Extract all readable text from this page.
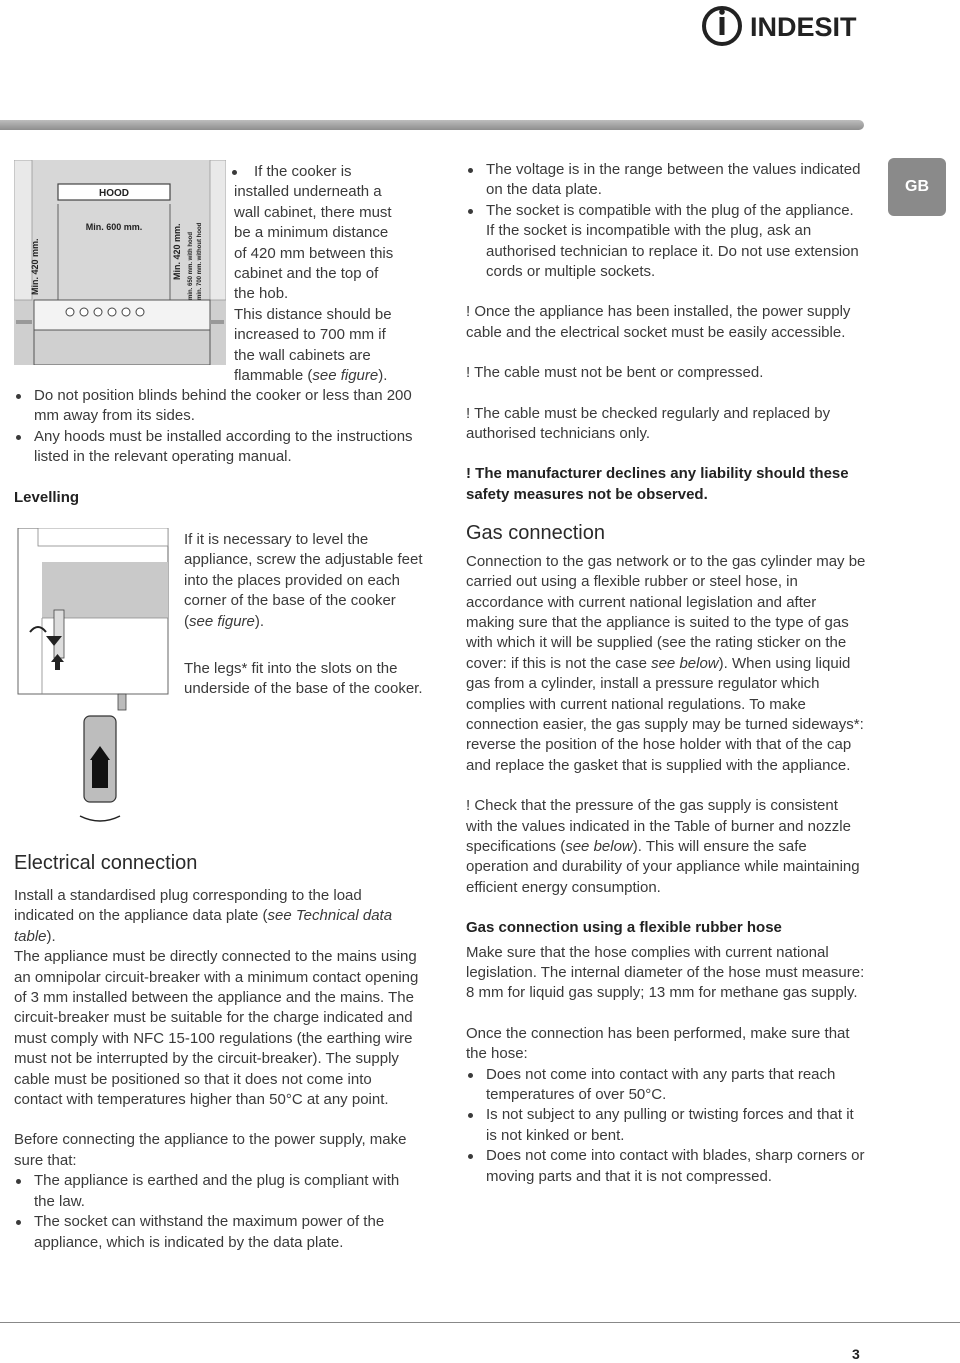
INDESIT
GB
HOOD
Min. 600 mm.
Min. 420 mm.	Min. 420 mm. min. 650 mm. with hood min. 700 mm. without hood
If the cooker is
installed underneath a
wall cabinet, there must
be a minimum distance
of 420 mm between this
cabinet and the top of
the hob.
This distance should be
increased to 700 mm if
the wall cabinets are
flammable (see figure).
Do not position blinds behind the cooker or less than 200 mm away from its sides.
Any hoods must be installed according to the instructions listed in the relevant operating manual.
Levelling

If it is necessary to level the appliance, screw the adjustable feet into the places provided on each corner of the base of the cooker (see figure).

The legs* fit into the slots on the underside of the base of the cooker.

Electrical connection

Install a standardised plug corresponding to the load indicated on the appliance data plate (see Technical data table).

The appliance must be directly connected to the mains using an omnipolar circuit-breaker with a minimum contact opening of 3 mm installed between the appliance and the mains. The circuit-breaker must be suitable for the charge indicated and must comply with NFC 15-100 regulations (the earthing wire must not be interrupted by the circuit-breaker). The supply cable must be positioned so that it does not come into contact with temperatures higher than 50°C at any point.

Before connecting the appliance to the power supply, make sure that:

The appliance is earthed and the plug is compliant with the law.
The socket can withstand the maximum power of the appliance, which is indicated by the data plate.
The voltage is in the range between the values indicated on the data plate.
The socket is compatible with the plug of the appliance. If the socket is incompatible with the plug, ask an authorised technician to replace it. Do not use extension cords or multiple sockets.

! Once the appliance has been installed, the power supply cable and the electrical socket must be easily accessible.

! The cable must not be bent or compressed.

! The cable must be checked regularly and replaced by authorised technicians only.

! The manufacturer declines any liability should these safety measures not be observed.

Gas connection

Connection to the gas network or to the gas cylinder may be carried out using a flexible rubber or steel hose, in accordance with current national legislation and after making sure that the appliance is suited to the type of gas with which it will be supplied (see the rating sticker on the cover: if this is not the case see below). When using liquid gas from a cylinder, install a pressure regulator which complies with current national regulations. To make connection easier, the gas supply may be turned sideways*: reverse the position of the hose holder with that of the cap and replace the gasket that is supplied with the appliance.

! Check that the pressure of the gas supply is consistent with the values indicated in the Table of burner and nozzle specifications (see below). This will ensure the safe operation and durability of your appliance while maintaining efficient energy consumption.

Gas connection using a flexible rubber hose

Make sure that the hose complies with current national legislation. The internal diameter of the hose must measure: 8 mm for liquid gas supply; 13 mm for methane gas supply.

Once the connection has been performed, make sure that the hose:

Does not come into contact with any parts that reach temperatures of over 50°C.
Is not subject to any pulling or twisting forces and that it is not kinked or bent.
Does not come into contact with blades, sharp corners or moving parts and that it is not compressed.
3
